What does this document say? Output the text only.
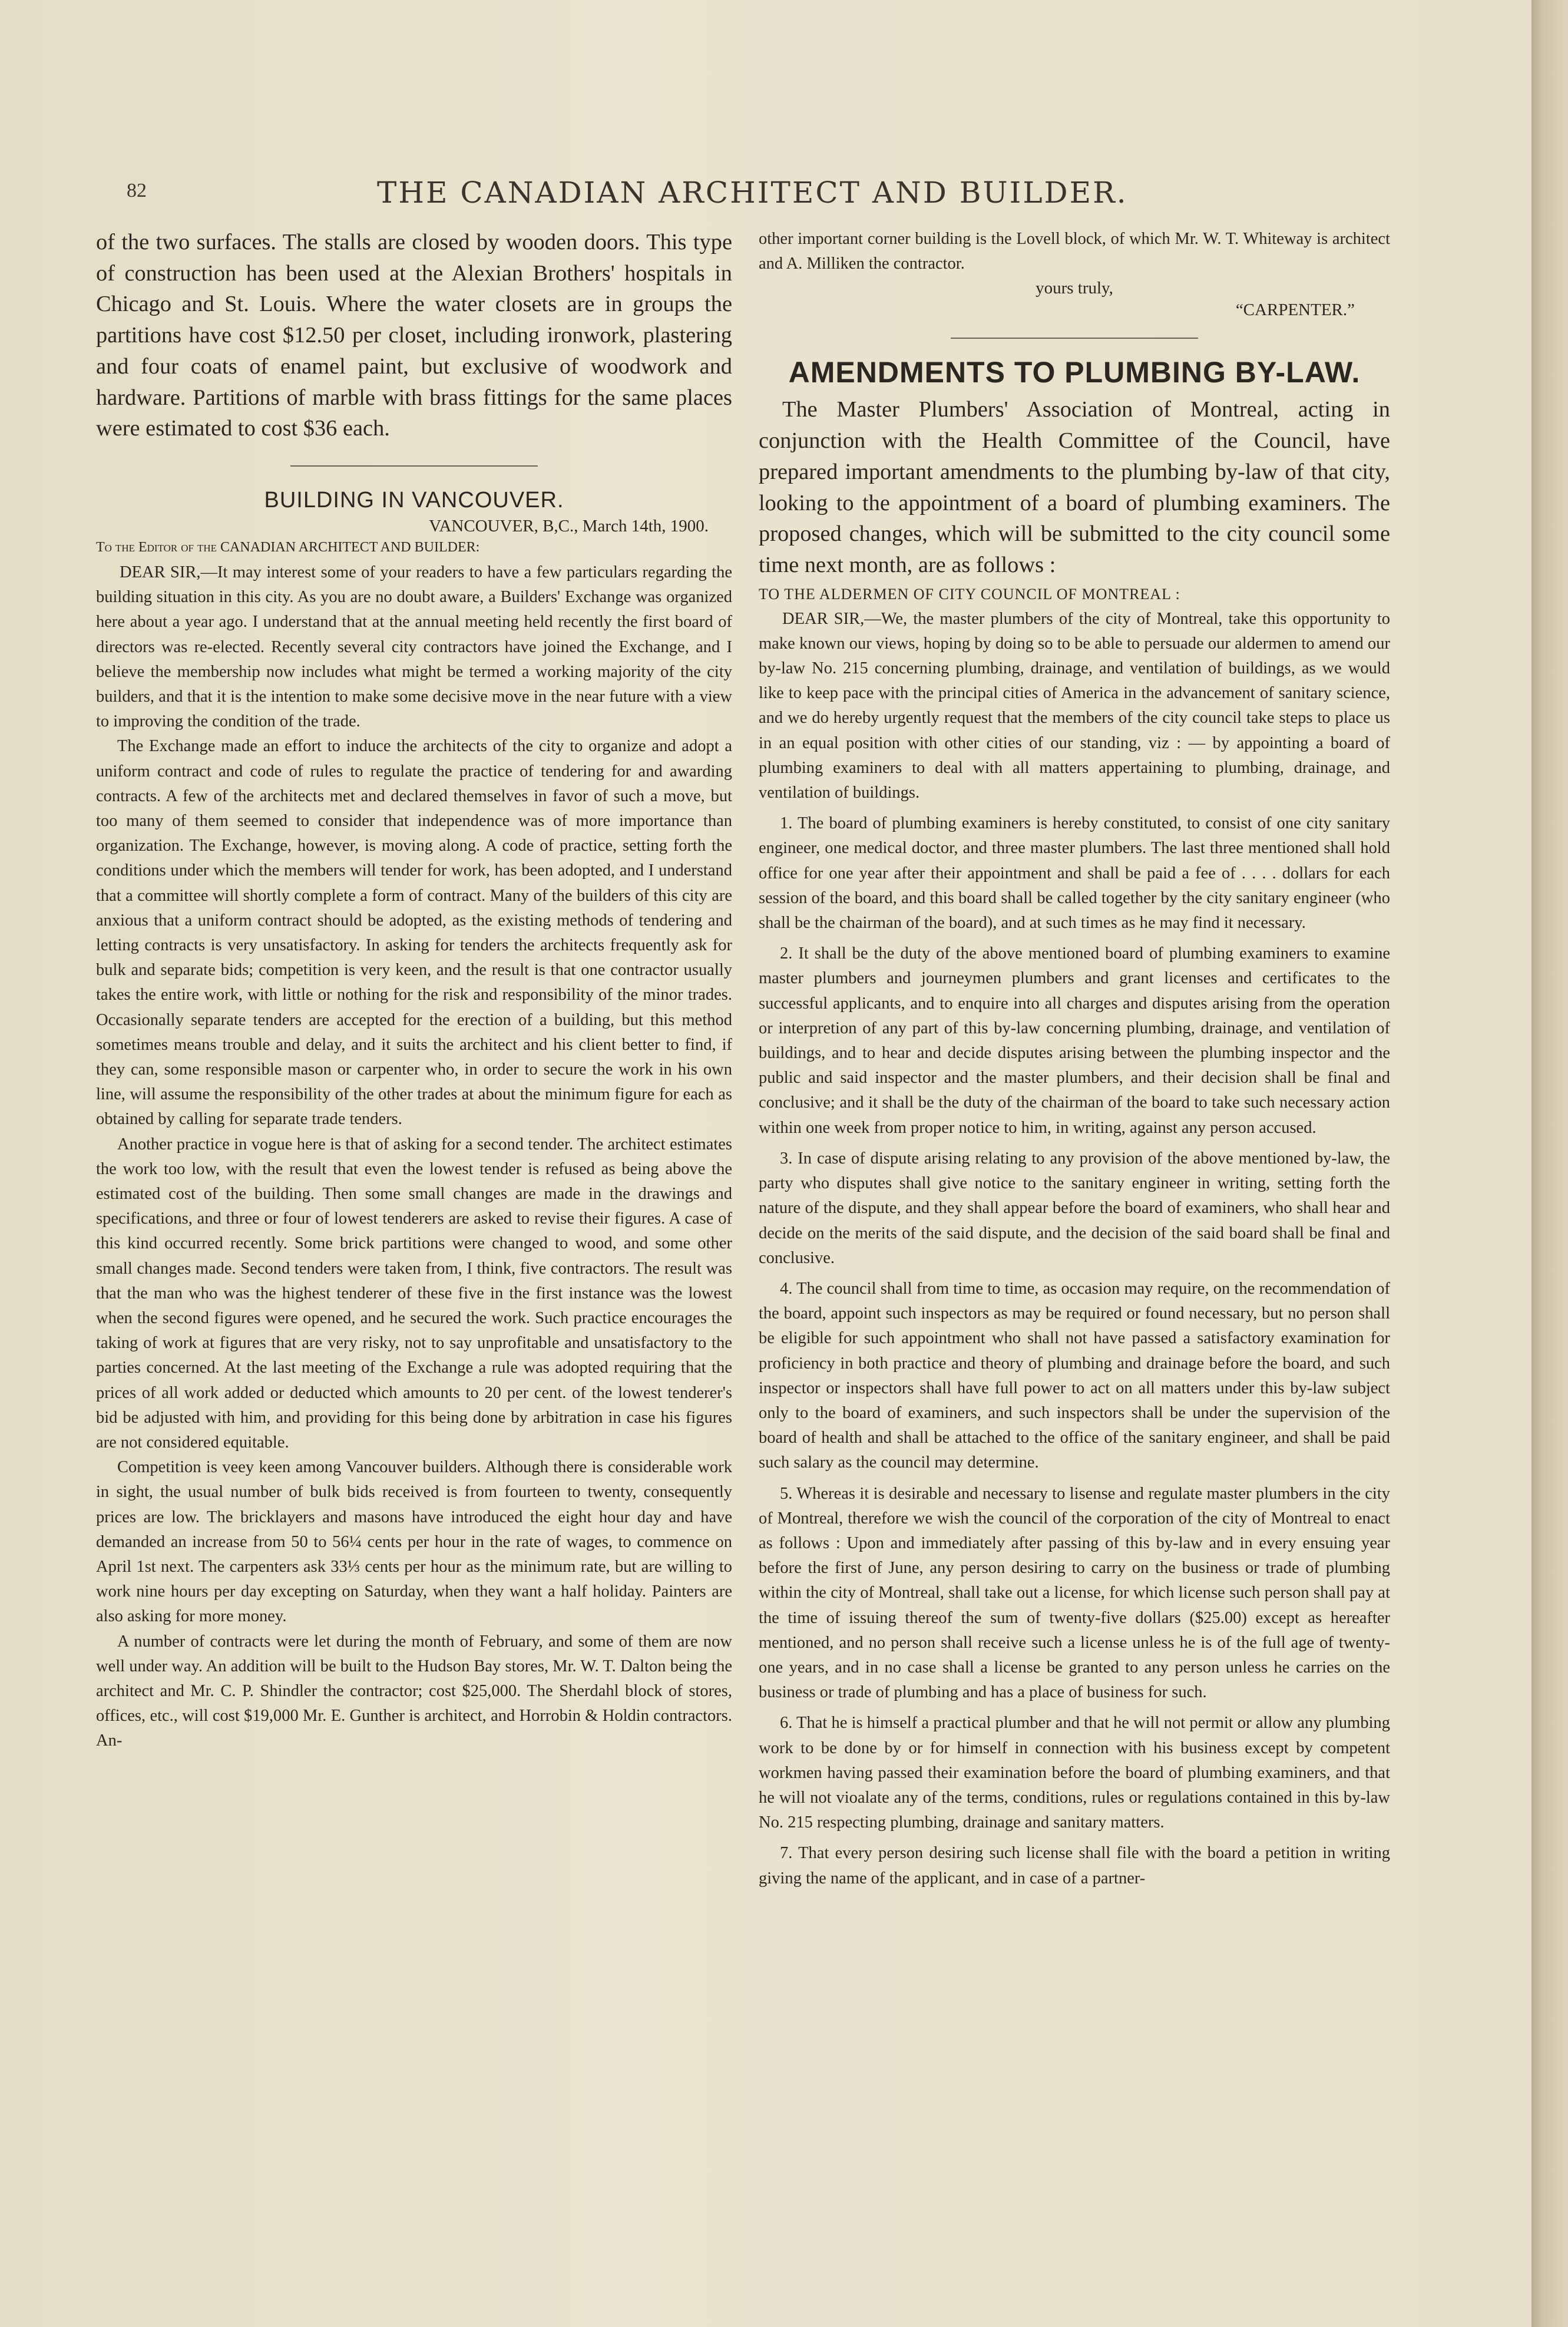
82	THE CANADIAN ARCHITECT AND BUILDER.

of the two surfaces. The stalls are closed by wooden doors. This type of construction has been used at the Alexian Brothers' hospitals in Chicago and St. Louis. Where the water closets are in groups the partitions have cost $12.50 per closet, including ironwork, plastering and four coats of enamel paint, but exclusive of woodwork and hardware. Partitions of marble with brass fittings for the same places were estimated to cost $36 each.

BUILDING IN VANCOUVER.
VANCOUVER, B,C., March 14th, 1900.
To the Editor of the CANADIAN ARCHITECT AND BUILDER:

DEAR SIR,—It may interest some of your readers to have a few particulars regarding the building situation in this city. As you are no doubt aware, a Builders' Exchange was organized here about a year ago. I understand that at the annual meeting held recently the first board of directors was re-elected. Recently several city contractors have joined the Exchange, and I believe the membership now includes what might be termed a working majority of the city builders, and that it is the intention to make some decisive move in the near future with a view to improving the condition of the trade.

The Exchange made an effort to induce the architects of the city to organize and adopt a uniform contract and code of rules to regulate the practice of tendering for and awarding contracts. A few of the architects met and declared themselves in favor of such a move, but too many of them seemed to consider that independence was of more importance than organization. The Exchange, however, is moving along. A code of practice, setting forth the conditions under which the members will tender for work, has been adopted, and I understand that a committee will shortly complete a form of contract. Many of the builders of this city are anxious that a uniform contract should be adopted, as the existing methods of tendering and letting contracts is very unsatisfactory. In asking for tenders the architects frequently ask for bulk and separate bids; competition is very keen, and the result is that one contractor usually takes the entire work, with little or nothing for the risk and responsibility of the minor trades. Occasionally separate tenders are accepted for the erection of a building, but this method sometimes means trouble and delay, and it suits the architect and his client better to find, if they can, some responsible mason or carpenter who, in order to secure the work in his own line, will assume the responsibility of the other trades at about the minimum figure for each as obtained by calling for separate trade tenders.

Another practice in vogue here is that of asking for a second tender. The architect estimates the work too low, with the result that even the lowest tender is refused as being above the estimated cost of the building. Then some small changes are made in the drawings and specifications, and three or four of lowest tenderers are asked to revise their figures. A case of this kind occurred recently. Some brick partitions were changed to wood, and some other small changes made. Second tenders were taken from, I think, five contractors. The result was that the man who was the highest tenderer of these five in the first instance was the lowest when the second figures were opened, and he secured the work. Such practice encourages the taking of work at figures that are very risky, not to say unprofitable and unsatisfactory to the parties concerned. At the last meeting of the Exchange a rule was adopted requiring that the prices of all work added or deducted which amounts to 20 per cent. of the lowest tenderer's bid be adjusted with him, and providing for this being done by arbitration in case his figures are not considered equitable.

Competition is veey keen among Vancouver builders. Although there is considerable work in sight, the usual number of bulk bids received is from fourteen to twenty, consequently prices are low. The bricklayers and masons have introduced the eight hour day and have demanded an increase from 50 to 56¼ cents per hour in the rate of wages, to commence on April 1st next. The carpenters ask 33⅓ cents per hour as the minimum rate, but are willing to work nine hours per day excepting on Saturday, when they want a half holiday. Painters are also asking for more money.

A number of contracts were let during the month of February, and some of them are now well under way. An addition will be built to the Hudson Bay stores, Mr. W. T. Dalton being the architect and Mr. C. P. Shindler the contractor; cost $25,000. The Sherdahl block of stores, offices, etc., will cost $19,000 Mr. E. Gunther is architect, and Horrobin & Holdin contractors. An-

other important corner building is the Lovell block, of which Mr. W. T. Whiteway is architect and A. Milliken the contractor.

yours truly,
“CARPENTER.”
AMENDMENTS TO PLUMBING BY-LAW.

The Master Plumbers' Association of Montreal, acting in conjunction with the Health Committee of the Council, have prepared important amendments to the plumbing by-law of that city, looking to the appointment of a board of plumbing examiners. The proposed changes, which will be submitted to the city council some time next month, are as follows :

TO THE ALDERMEN OF CITY COUNCIL OF MONTREAL :

DEAR SIR,—We, the master plumbers of the city of Montreal, take this opportunity to make known our views, hoping by doing so to be able to persuade our aldermen to amend our by-law No. 215 concerning plumbing, drainage, and ventilation of buildings, as we would like to keep pace with the principal cities of America in the advancement of sanitary science, and we do hereby urgently request that the members of the city council take steps to place us in an equal position with other cities of our standing, viz : — by appointing a board of plumbing examiners to deal with all matters appertaining to plumbing, drainage, and ventilation of buildings.

1. The board of plumbing examiners is hereby constituted, to consist of one city sanitary engineer, one medical doctor, and three master plumbers. The last three mentioned shall hold office for one year after their appointment and shall be paid a fee of . . . . dollars for each session of the board, and this board shall be called together by the city sanitary engineer (who shall be the chairman of the board), and at such times as he may find it necessary.

2. It shall be the duty of the above mentioned board of plumbing examiners to examine master plumbers and journeymen plumbers and grant licenses and certificates to the successful applicants, and to enquire into all charges and disputes arising from the operation or interpretion of any part of this by-law concerning plumbing, drainage, and ventilation of buildings, and to hear and decide disputes arising between the plumbing inspector and the public and said inspector and the master plumbers, and their decision shall be final and conclusive; and it shall be the duty of the chairman of the board to take such necessary action within one week from proper notice to him, in writing, against any person accused.

3. In case of dispute arising relating to any provision of the above mentioned by-law, the party who disputes shall give notice to the sanitary engineer in writing, setting forth the nature of the dispute, and they shall appear before the board of examiners, who shall hear and decide on the merits of the said dispute, and the decision of the said board shall be final and conclusive.

4. The council shall from time to time, as occasion may require, on the recommendation of the board, appoint such inspectors as may be required or found necessary, but no person shall be eligible for such appointment who shall not have passed a satisfactory examination for proficiency in both practice and theory of plumbing and drainage before the board, and such inspector or inspectors shall have full power to act on all matters under this by-law subject only to the board of examiners, and such inspectors shall be under the supervision of the board of health and shall be attached to the office of the sanitary engineer, and shall be paid such salary as the council may determine.

5. Whereas it is desirable and necessary to lisense and regulate master plumbers in the city of Montreal, therefore we wish the council of the corporation of the city of Montreal to enact as follows : Upon and immediately after passing of this by-law and in every ensuing year before the first of June, any person desiring to carry on the business or trade of plumbing within the city of Montreal, shall take out a license, for which license such person shall pay at the time of issuing thereof the sum of twenty-five dollars ($25.00) except as hereafter mentioned, and no person shall receive such a license unless he is of the full age of twenty-one years, and in no case shall a license be granted to any person unless he carries on the business or trade of plumbing and has a place of business for such.

6. That he is himself a practical plumber and that he will not permit or allow any plumbing work to be done by or for himself in connection with his business except by competent workmen having passed their examination before the board of plumbing examiners, and that he will not vioalate any of the terms, conditions, rules or regulations contained in this by-law No. 215 respecting plumbing, drainage and sanitary matters.

7. That every person desiring such license shall file with the board a petition in writing giving the name of the applicant, and in case of a partner-
